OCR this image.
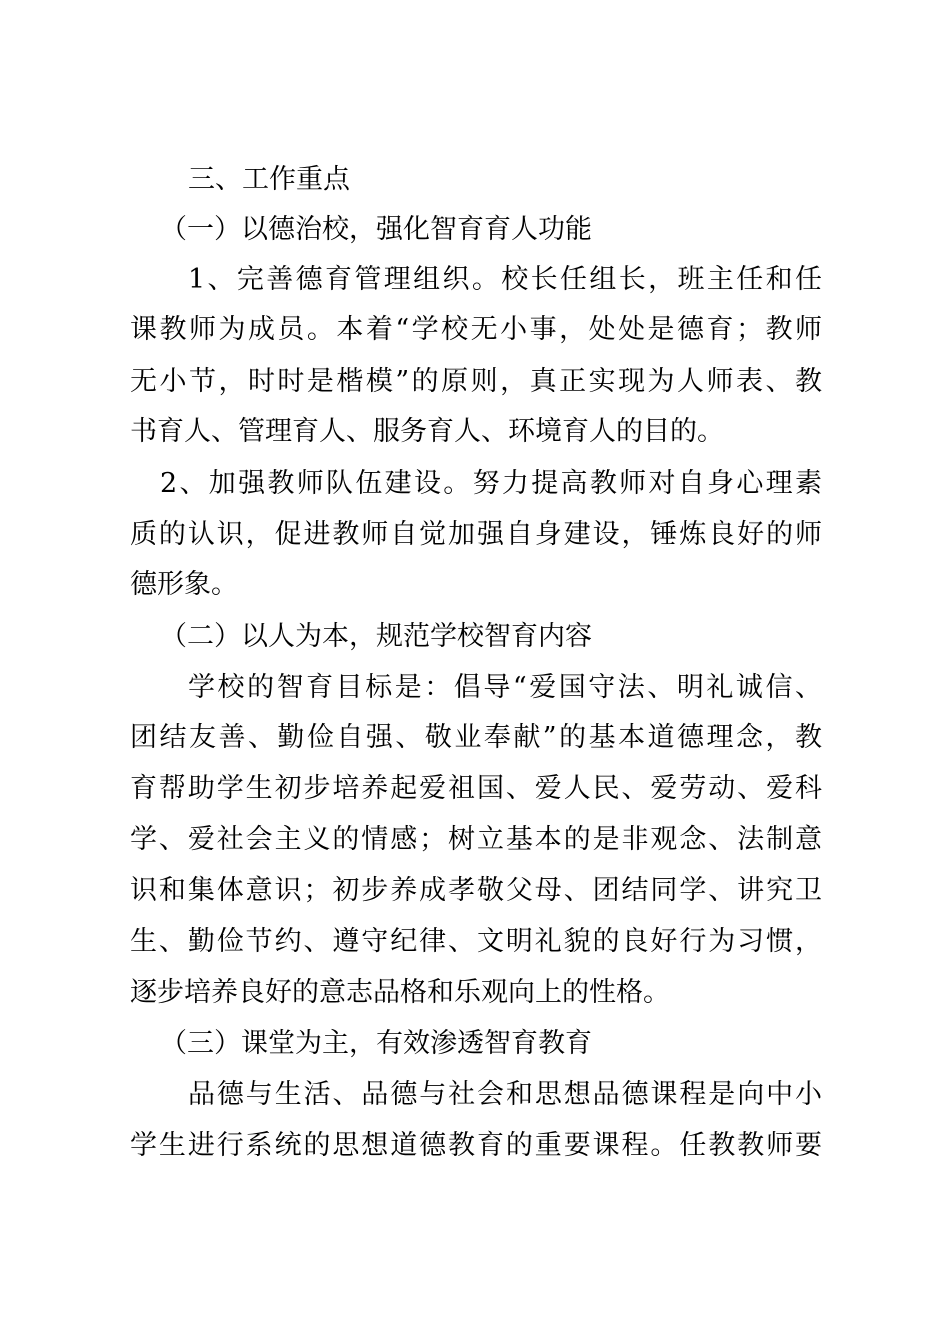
三、工作重点
（一）以德治校，强化智育育人功能
1、完善德育管理组织。校长任组长，班主任和任
课教师为成员。本着“学校无小事，处处是德育；教师
无小节，时时是楷模”的原则，真正实现为人师表、教
书育人、管理育人、服务育人、环境育人的目的。
2、加强教师队伍建设。努力提高教师对自身心理素
质的认识，促进教师自觉加强自身建设，锤炼良好的师
德形象。
（二）以人为本，规范学校智育内容
学校的智育目标是：倡导“爱国守法、明礼诚信、
团结友善、勤俭自强、敬业奉献”的基本道德理念，教
育帮助学生初步培养起爱祖国、爱人民、爱劳动、爱科
学、爱社会主义的情感；树立基本的是非观念、法制意
识和集体意识；初步养成孝敬父母、团结同学、讲究卫
生、勤俭节约、遵守纪律、文明礼貌的良好行为习惯，
逐步培养良好的意志品格和乐观向上的性格。
（三）课堂为主，有效渗透智育教育
品德与生活、品德与社会和思想品德课程是向中小
学生进行系统的思想道德教育的重要课程。任教教师要
